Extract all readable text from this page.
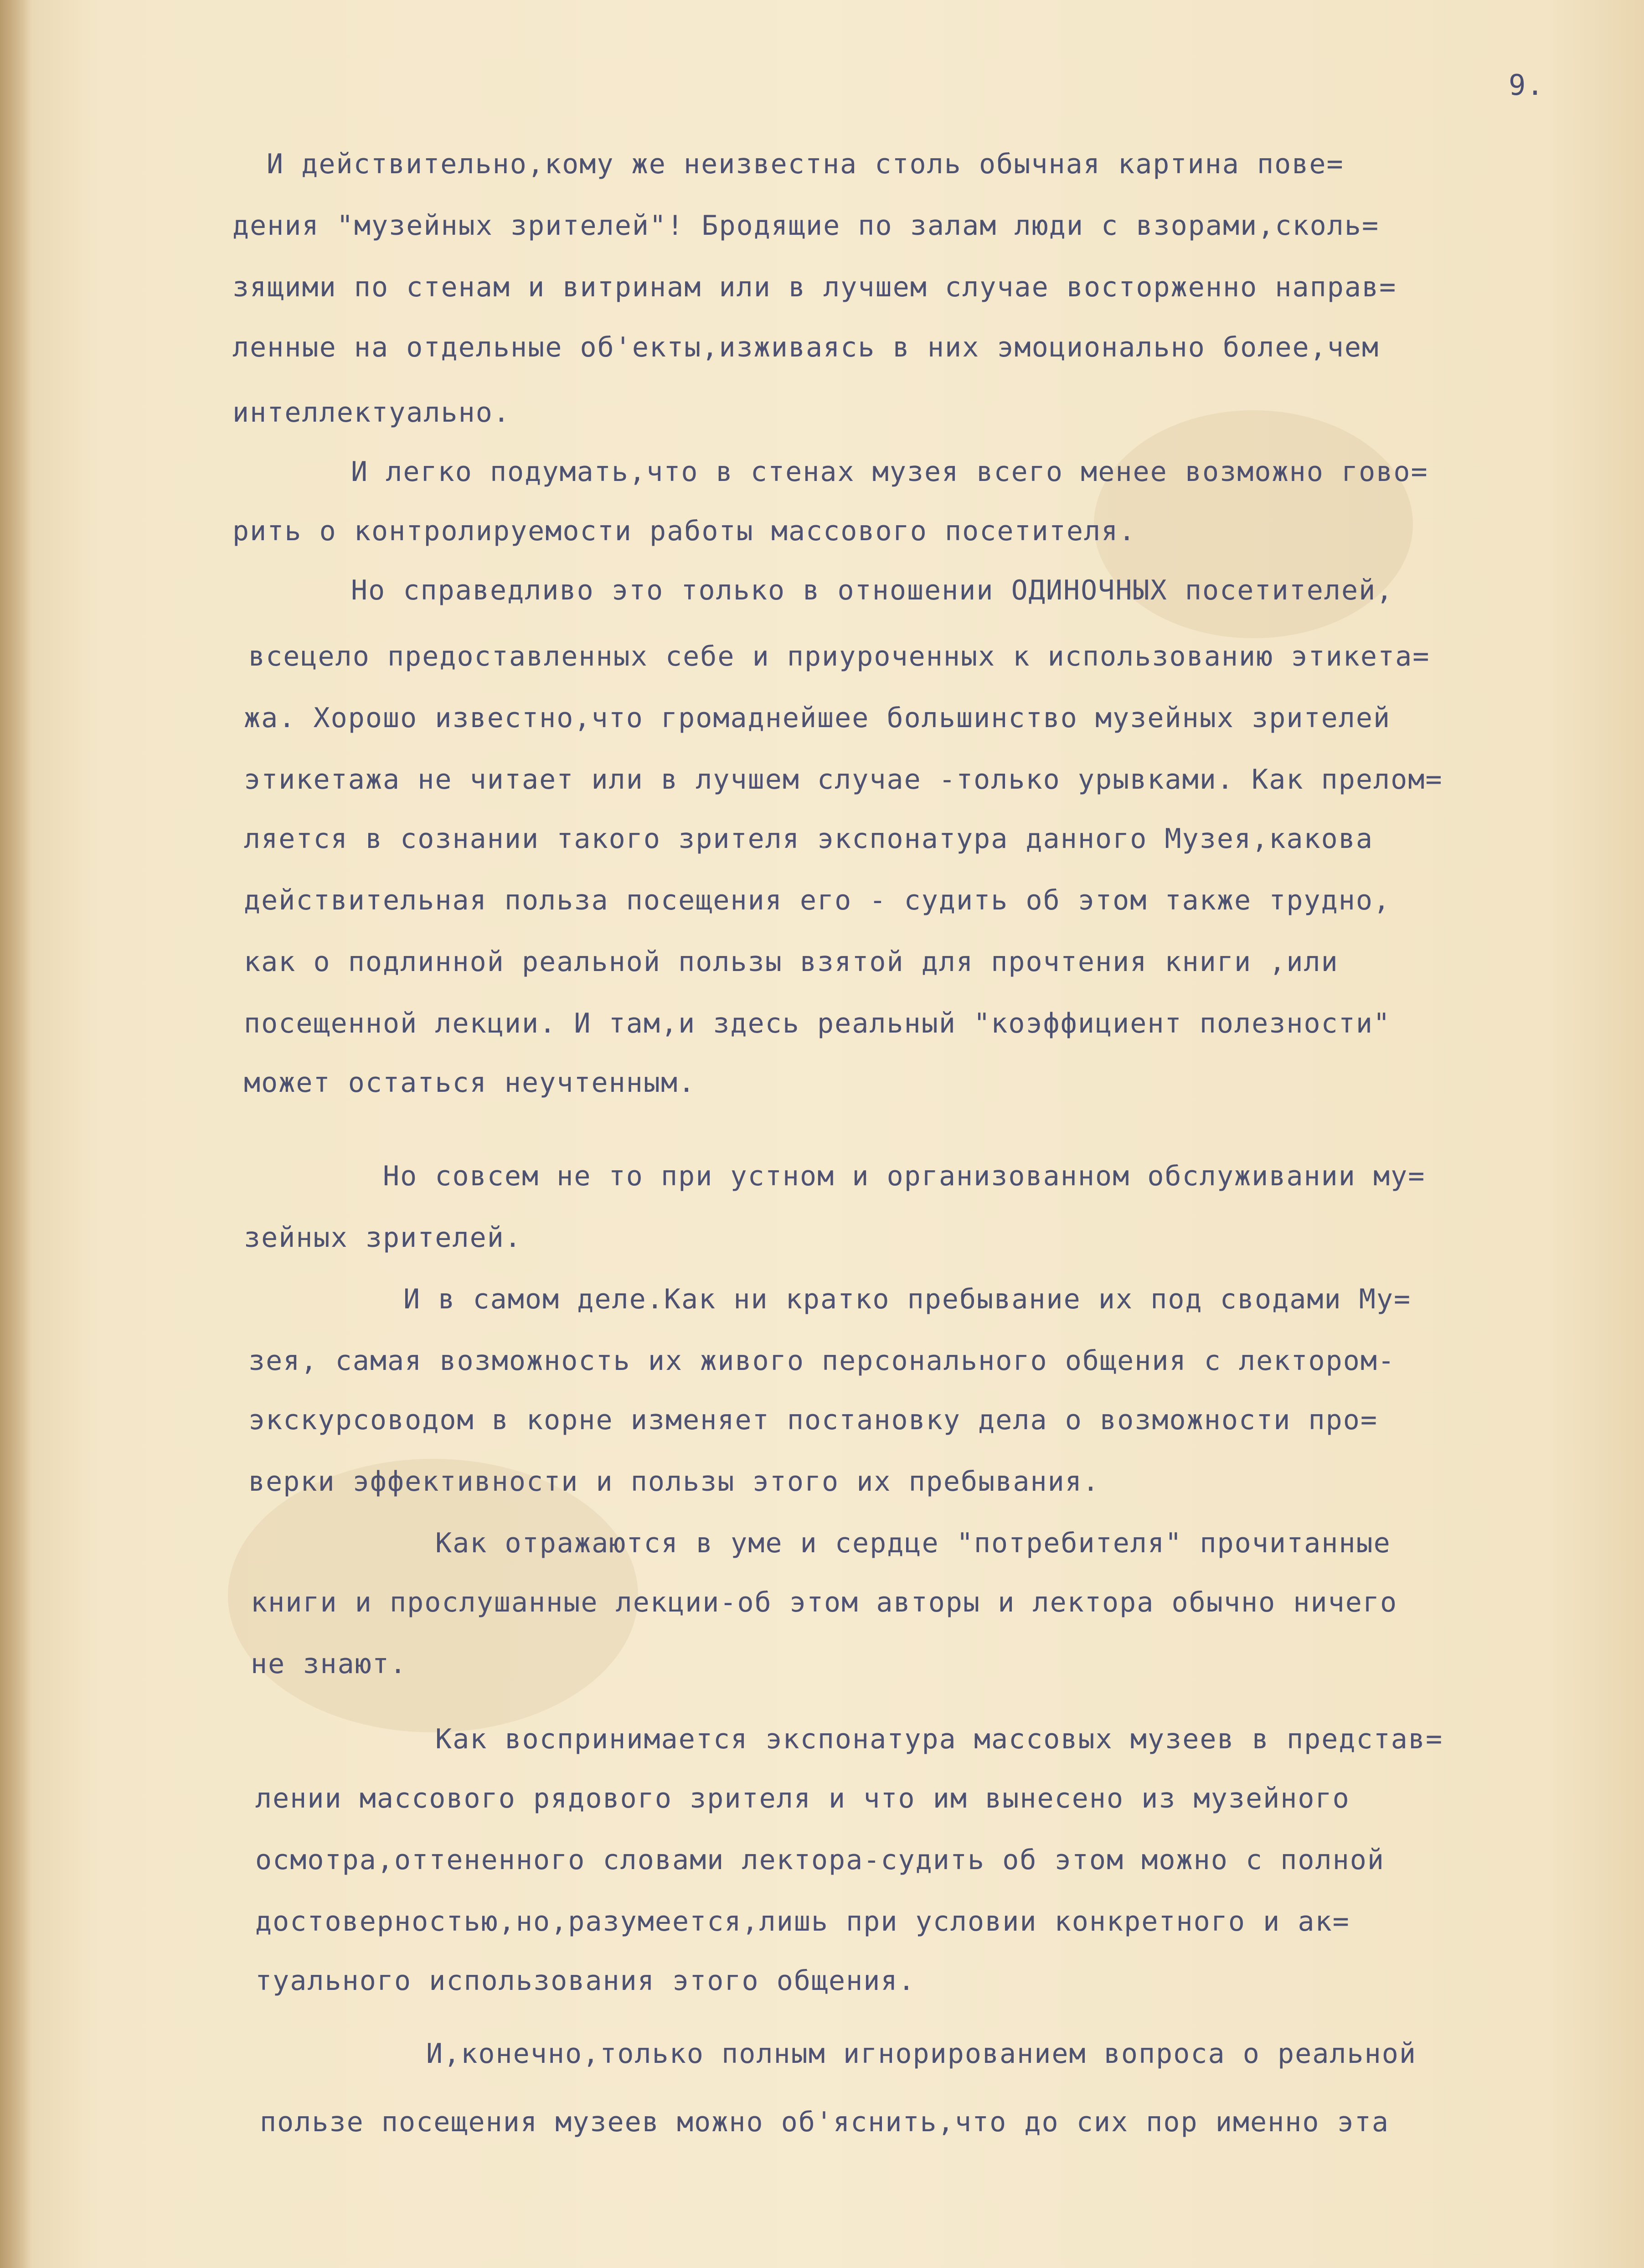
9.
И действительно,кому же неизвестна столь обычная картина пове=
дения "музейных зрителей"! Бродящие по залам люди с взорами,сколь=
зящими по стенам и витринам или в лучшем случае восторженно направ=
ленные на отдельные об'екты,изживаясь в них эмоционально более,чем
интеллектуально.
И легко подумать,что в стенах музея всего менее возможно гово=
рить о контролируемости работы массового посетителя.
Но справедливо это только в отношении ОДИНОЧНЫХ посетителей,
всецело предоставленных себе и приуроченных к использованию этикета=
жа. Хорошо известно,что громаднейшее большинство музейных зрителей
этикетажа не читает или в лучшем случае -только урывками. Как прелом=
ляется в сознании такого зрителя экспонатура данного Музея,какова
действительная польза посещения его - судить об этом также трудно,
как о подлинной реальной пользы взятой для прочтения книги ,или
посещенной лекции. И там,и здесь реальный "коэффициент полезности"
может остаться неучтенным.
Но совсем не то при устном и организованном обслуживании му=
зейных зрителей.
И в самом деле.Как ни кратко пребывание их под сводами Му=
зея, самая возможность их живого персонального общения с лектором-
экскурсоводом в корне изменяет постановку дела о возможности про=
верки эффективности и пользы этого их пребывания.
Как отражаются в уме и сердце "потребителя" прочитанные
книги и прослушанные лекции-об этом авторы и лектора обычно ничего
не знают.
Как воспринимается экспонатура массовых музеев в представ=
лении массового рядового зрителя и что им вынесено из музейного
осмотра,оттененного словами лектора-судить об этом можно с полной
достоверностью,но,разумеется,лишь при условии конкретного и ак=
туального использования этого общения.
И,конечно,только полным игнорированием вопроса о реальной
пользе посещения музеев можно об'яснить,что до сих пор именно эта
